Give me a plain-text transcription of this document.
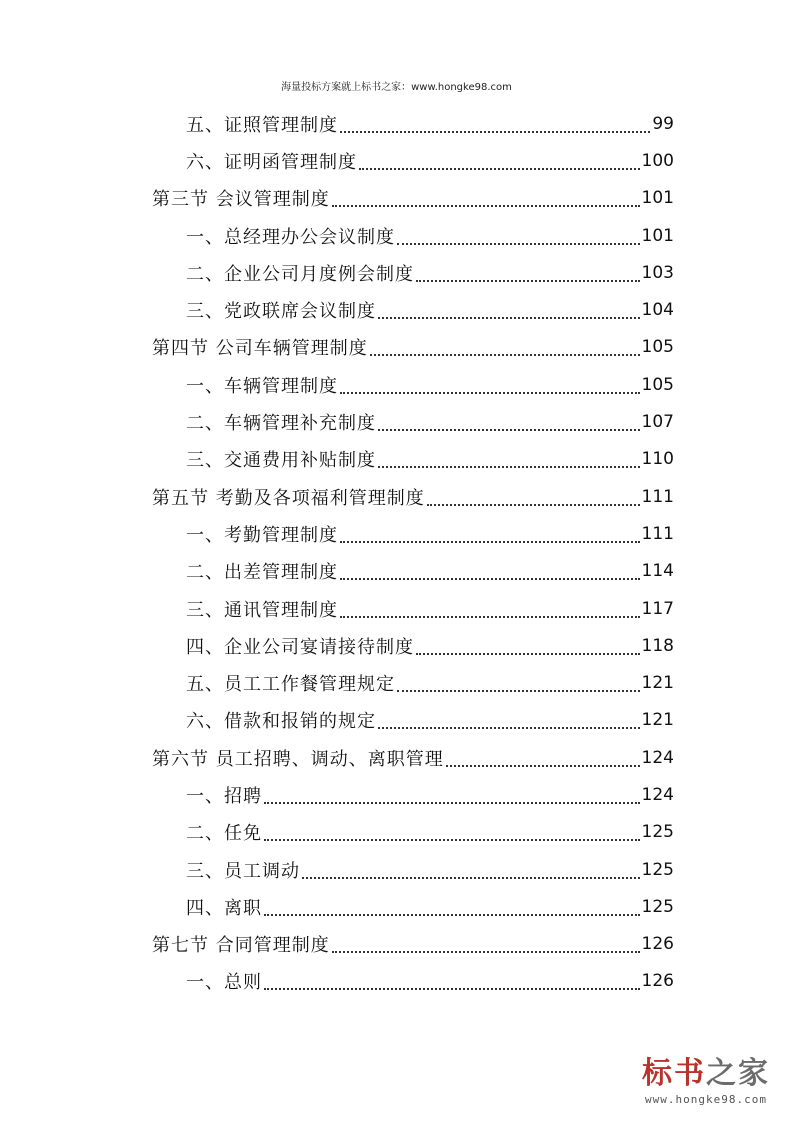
海量投标方案就上标书之家：www.hongke98.com
五、证照管理制度	99
六、证明函管理制度	100
第三节 会议管理制度	101
一、总经理办公会议制度	101
二、企业公司月度例会制度	103
三、党政联席会议制度	104
第四节 公司车辆管理制度	105
一、车辆管理制度	105
二、车辆管理补充制度	107
三、交通费用补贴制度	110
第五节 考勤及各项福利管理制度	111
一、考勤管理制度	111
二、出差管理制度	114
三、通讯管理制度	117
四、企业公司宴请接待制度	118
五、员工工作餐管理规定	121
六、借款和报销的规定	121
第六节 员工招聘、调动、离职管理	124
一、招聘	124
二、任免	125
三、员工调动	125
四、离职	125
第七节 合同管理制度	126
一、总则	126
标书之家
www.hongke98.com
